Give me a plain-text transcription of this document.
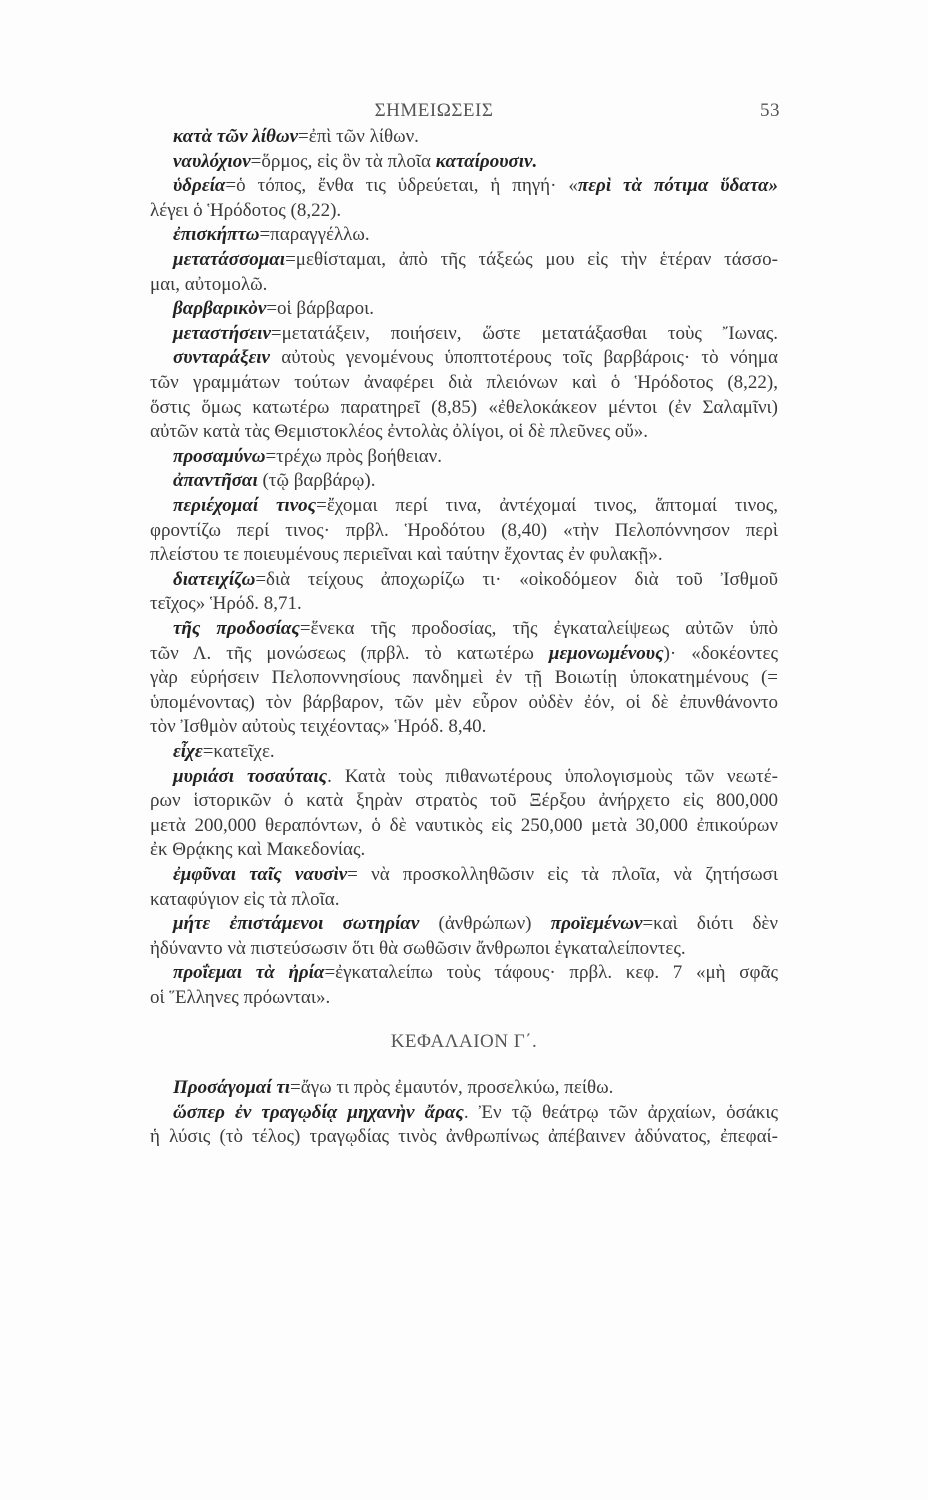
ΣΗΜΕΙΩΣΕΙΣ	53
κατὰ τῶν λίθων=ἐπὶ τῶν λίθων.
ναυλόχιον=ὅρμος, εἰς ὃν τὰ πλοῖα καταίρουσιν.
ὑδρεία=ὁ τόπος, ἔνθα τις ὑδρεύεται, ἡ πηγή· «περὶ τὰ πότιμα ὕδατα»
λέγει ὁ Ἡρόδοτος (8,22).
ἐπισκήπτω=παραγγέλλω.
μετατάσσομαι=μεθίσταμαι, ἀπὸ τῆς τάξεώς μου εἰς τὴν ἑτέραν τάσσο-
μαι, αὐτομολῶ.
βαρβαρικὸν=οἱ βάρβαροι.
μεταστήσειν=μετατάξειν, ποιήσειν, ὥστε μετατάξασθαι τοὺς Ἴωνας.
συνταράξειν αὐτοὺς γενομένους ὑποπτοτέρους τοῖς βαρβάροις· τὸ νόημα
τῶν γραμμάτων τούτων ἀναφέρει διὰ πλειόνων καὶ ὁ Ἡρόδοτος (8,22),
ὅστις ὅμως κατωτέρω παρατηρεῖ (8,85) «ἐθελοκάκεον μέντοι (ἐν Σαλαμῖνι)
αὐτῶν κατὰ τὰς Θεμιστοκλέος ἐντολὰς ὀλίγοι, οἱ δὲ πλεῦνες οὔ».
προσαμύνω=τρέχω πρὸς βοήθειαν.
ἀπαντῆσαι (τῷ βαρβάρῳ).
περιέχομαί τινος=ἔχομαι περί τινα, ἀντέχομαί τινος, ἅπτομαί τινος,
φροντίζω περί τινος· πρβλ. Ἡροδότου (8,40) «τὴν Πελοπόννησον περὶ
πλείστου τε ποιευμένους περιεῖναι καὶ ταύτην ἔχοντας ἐν φυλακῇ».
διατειχίζω=διὰ τείχους ἀποχωρίζω τι· «οἰκοδόμεον διὰ τοῦ Ἰσθμοῦ
τεῖχος» Ἡρόδ. 8,71.
τῆς προδοσίας=ἕνεκα τῆς προδοσίας, τῆς ἐγκαταλείψεως αὐτῶν ὑπὸ
τῶν Λ. τῆς μονώσεως (πρβλ. τὸ κατωτέρω μεμονωμένους)· «δοκέοντες
γὰρ εὑρήσειν Πελοποννησίους πανδημεὶ ἐν τῇ Βοιωτίῃ ὑποκατημένους (=
ὑπομένοντας) τὸν βάρβαρον, τῶν μὲν εὗρον οὐδὲν ἐόν, οἱ δὲ ἐπυνθάνοντο
τὸν Ἰσθμὸν αὐτοὺς τειχέοντας» Ἡρόδ. 8,40.
εἶχε=κατεῖχε.
μυριάσι τοσαύταις. Κατὰ τοὺς πιθανωτέρους ὑπολογισμοὺς τῶν νεωτέ-
ρων ἱστορικῶν ὁ κατὰ ξηρὰν στρατὸς τοῦ Ξέρξου ἀνήρχετο εἰς 800,000
μετὰ 200,000 θεραπόντων, ὁ δὲ ναυτικὸς εἰς 250,000 μετὰ 30,000 ἐπικούρων
ἐκ Θρᾴκης καὶ Μακεδονίας.
ἐμφῦναι ταῖς ναυσὶν= νὰ προσκολληθῶσιν εἰς τὰ πλοῖα, νὰ ζητήσωσι
καταφύγιον εἰς τὰ πλοῖα.
μήτε ἐπιστάμενοι σωτηρίαν (ἀνθρώπων) προϊεμένων=καὶ διότι δὲν
ἠδύναντο νὰ πιστεύσωσιν ὅτι θὰ σωθῶσιν ἄνθρωποι ἐγκαταλείποντες.
προΐεμαι τὰ ἠρία=ἐγκαταλείπω τοὺς τάφους· πρβλ. κεφ. 7 «μὴ σφᾶς
οἱ Ἕλληνες πρόωνται».
Προσάγομαί τι=ἄγω τι πρὸς ἐμαυτόν, προσελκύω, πείθω.
ὥσπερ ἐν τραγῳδίᾳ μηχανὴν ἄρας. Ἐν τῷ θεάτρῳ τῶν ἀρχαίων, ὁσάκις
ἡ λύσις (τὸ τέλος) τραγῳδίας τινὸς ἀνθρωπίνως ἀπέβαινεν ἀδύνατος, ἐπεφαί-
ΚΕΦΑΛΑΙΟΝ Γ΄.
